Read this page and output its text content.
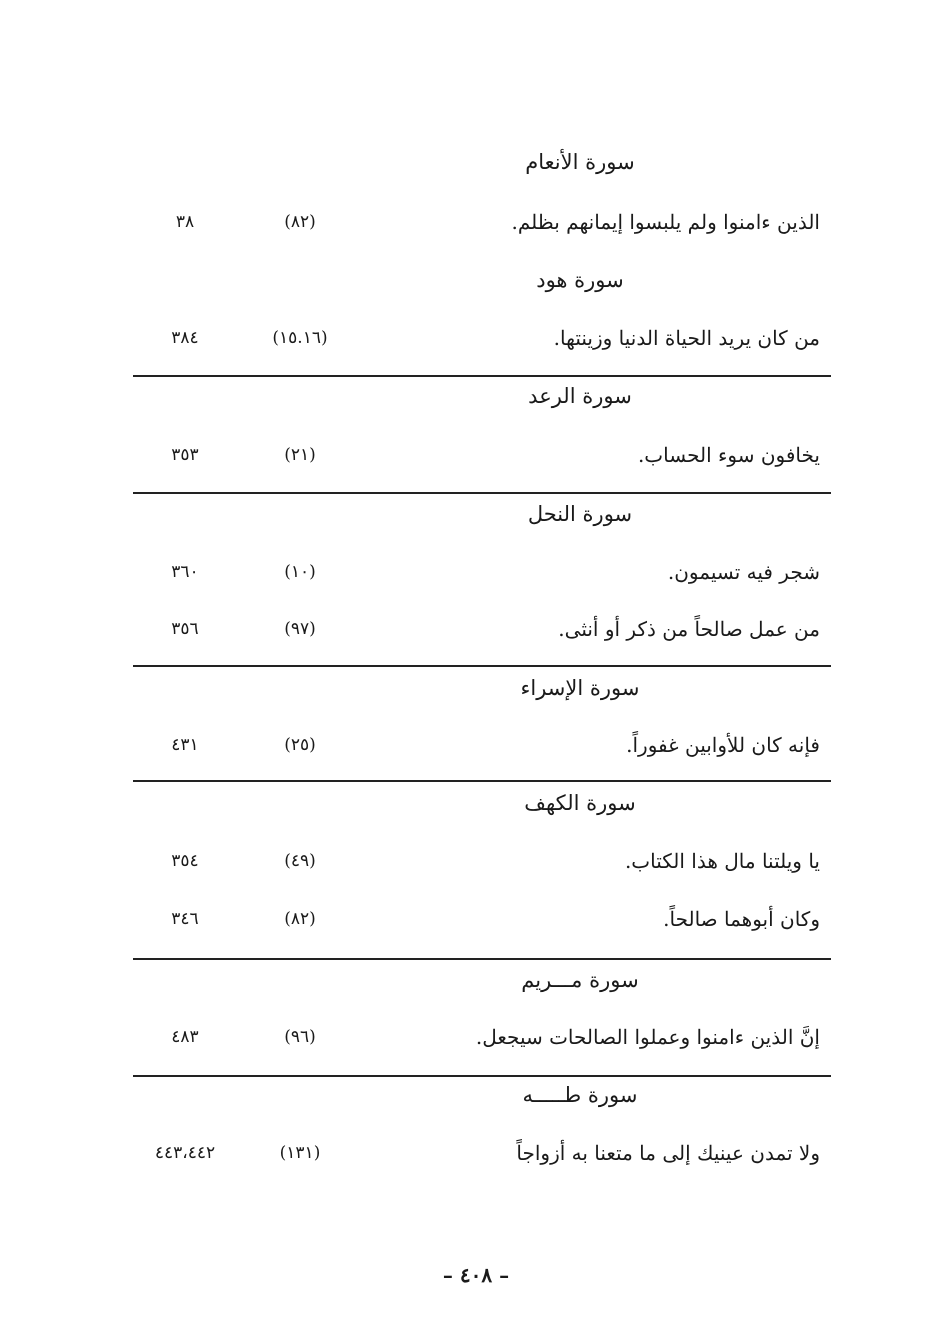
سورة الأنعام
الذين ءامنوا ولم يلبسوا إيمانهم بظلم.
(٨٢)
٣٨
سورة هود
من كان يريد الحياة الدنيا وزينتها.
(١٥.١٦)
٣٨٤
سورة الرعد
يخافون سوء الحساب.
(٢١)
٣٥٣
سورة النحل
شجر فيه تسيمون.
(١٠)
٣٦٠
من عمل صالحاً من ذكر أو أنثى.
(٩٧)
٣٥٦
سورة الإسراء
فإنه كان للأوابين غفوراً.
(٢٥)
٤٣١
سورة الكهف
يا ويلتنا مال هذا الكتاب.
(٤٩)
٣٥٤
وكان أبوهما صالحاً.
(٨٢)
٣٤٦
سورة مـــريم
إنَّ الذين ءامنوا وعملوا الصالحات سيجعل.
(٩٦)
٤٨٣
سورة طـــــه
ولا تمدن عينيك إلى ما متعنا به أزواجاً
(١٣١)
٤٤٣،٤٤٢
– ٤٠٨ –
